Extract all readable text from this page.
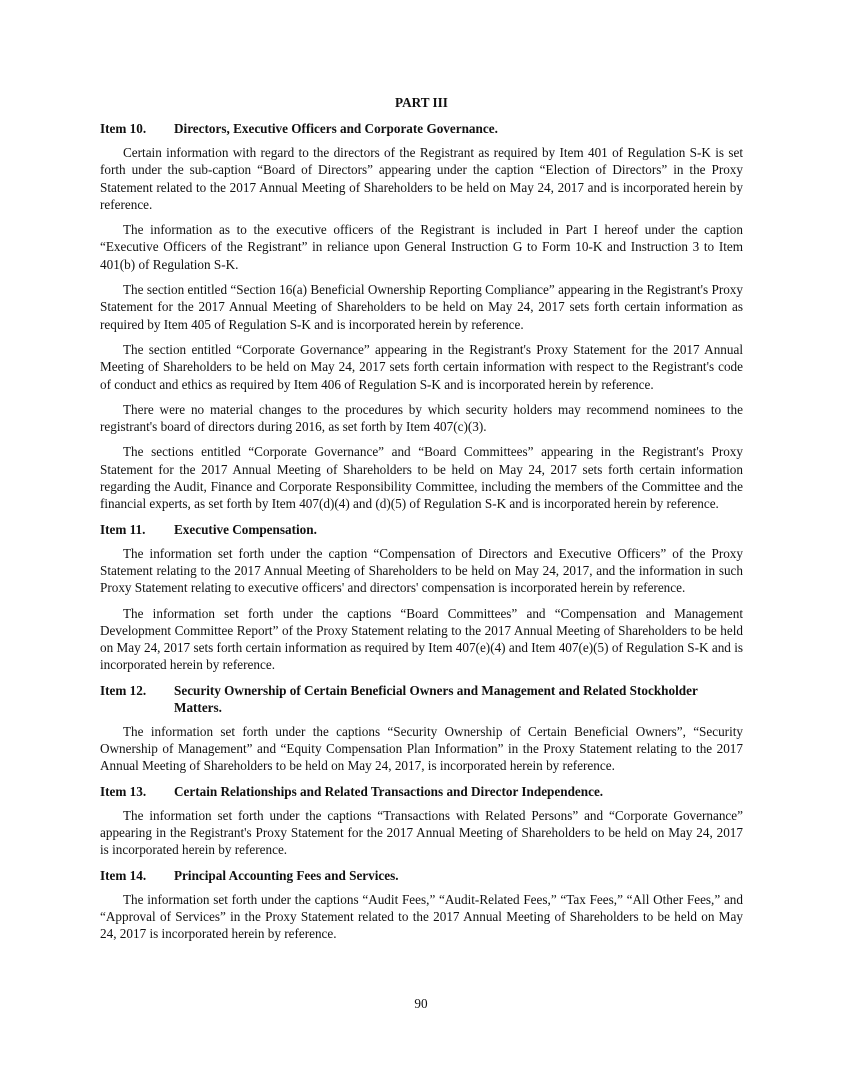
PART III
Item 10.	Directors, Executive Officers and Corporate Governance.

Certain information with regard to the directors of the Registrant as required by Item 401 of Regulation S-K is set forth under the sub-caption “Board of Directors” appearing under the caption “Election of Directors” in the Proxy Statement related to the 2017 Annual Meeting of Shareholders to be held on May 24, 2017 and is incorporated herein by reference.

The information as to the executive officers of the Registrant is included in Part I hereof under the caption “Executive Officers of the Registrant” in reliance upon General Instruction G to Form 10-K and Instruction 3 to Item 401(b) of Regulation S-K.

The section entitled “Section 16(a) Beneficial Ownership Reporting Compliance” appearing in the Registrant's Proxy Statement for the 2017 Annual Meeting of Shareholders to be held on May 24, 2017 sets forth certain information as required by Item 405 of Regulation S-K and is incorporated herein by reference.

The section entitled “Corporate Governance” appearing in the Registrant's Proxy Statement for the 2017 Annual Meeting of Shareholders to be held on May 24, 2017 sets forth certain information with respect to the Registrant's code of conduct and ethics as required by Item 406 of Regulation S-K and is incorporated herein by reference.

There were no material changes to the procedures by which security holders may recommend nominees to the registrant's board of directors during 2016, as set forth by Item 407(c)(3).

The sections entitled “Corporate Governance” and “Board Committees” appearing in the Registrant's Proxy Statement for the 2017 Annual Meeting of Shareholders to be held on May 24, 2017 sets forth certain information regarding the Audit, Finance and Corporate Responsibility Committee, including the members of the Committee and the financial experts, as set forth by Item 407(d)(4) and (d)(5) of Regulation S-K and is incorporated herein by reference.

Item 11.	Executive Compensation.

The information set forth under the caption “Compensation of Directors and Executive Officers” of the Proxy Statement relating to the 2017 Annual Meeting of Shareholders to be held on May 24, 2017, and the information in such Proxy Statement relating to executive officers' and directors' compensation is incorporated herein by reference.

The information set forth under the captions “Board Committees” and “Compensation and Management Development Committee Report” of the Proxy Statement relating to the 2017 Annual Meeting of Shareholders to be held on May 24, 2017 sets forth certain information as required by Item 407(e)(4) and Item 407(e)(5) of Regulation S-K and is incorporated herein by reference.

Item 12.	Security Ownership of Certain Beneficial Owners and Management and Related Stockholder Matters.

The information set forth under the captions “Security Ownership of Certain Beneficial Owners”, “Security Ownership of Management” and “Equity Compensation Plan Information” in the Proxy Statement relating to the 2017 Annual Meeting of Shareholders to be held on May 24, 2017, is incorporated herein by reference.

Item 13.	Certain Relationships and Related Transactions and Director Independence.

The information set forth under the captions “Transactions with Related Persons” and “Corporate Governance” appearing in the Registrant's Proxy Statement for the 2017 Annual Meeting of Shareholders to be held on May 24, 2017 is incorporated herein by reference.

Item 14.	Principal Accounting Fees and Services.

The information set forth under the captions “Audit Fees,” “Audit-Related Fees,” “Tax Fees,” “All Other Fees,” and “Approval of Services” in the Proxy Statement related to the 2017 Annual Meeting of Shareholders to be held on May 24, 2017 is incorporated herein by reference.

90
